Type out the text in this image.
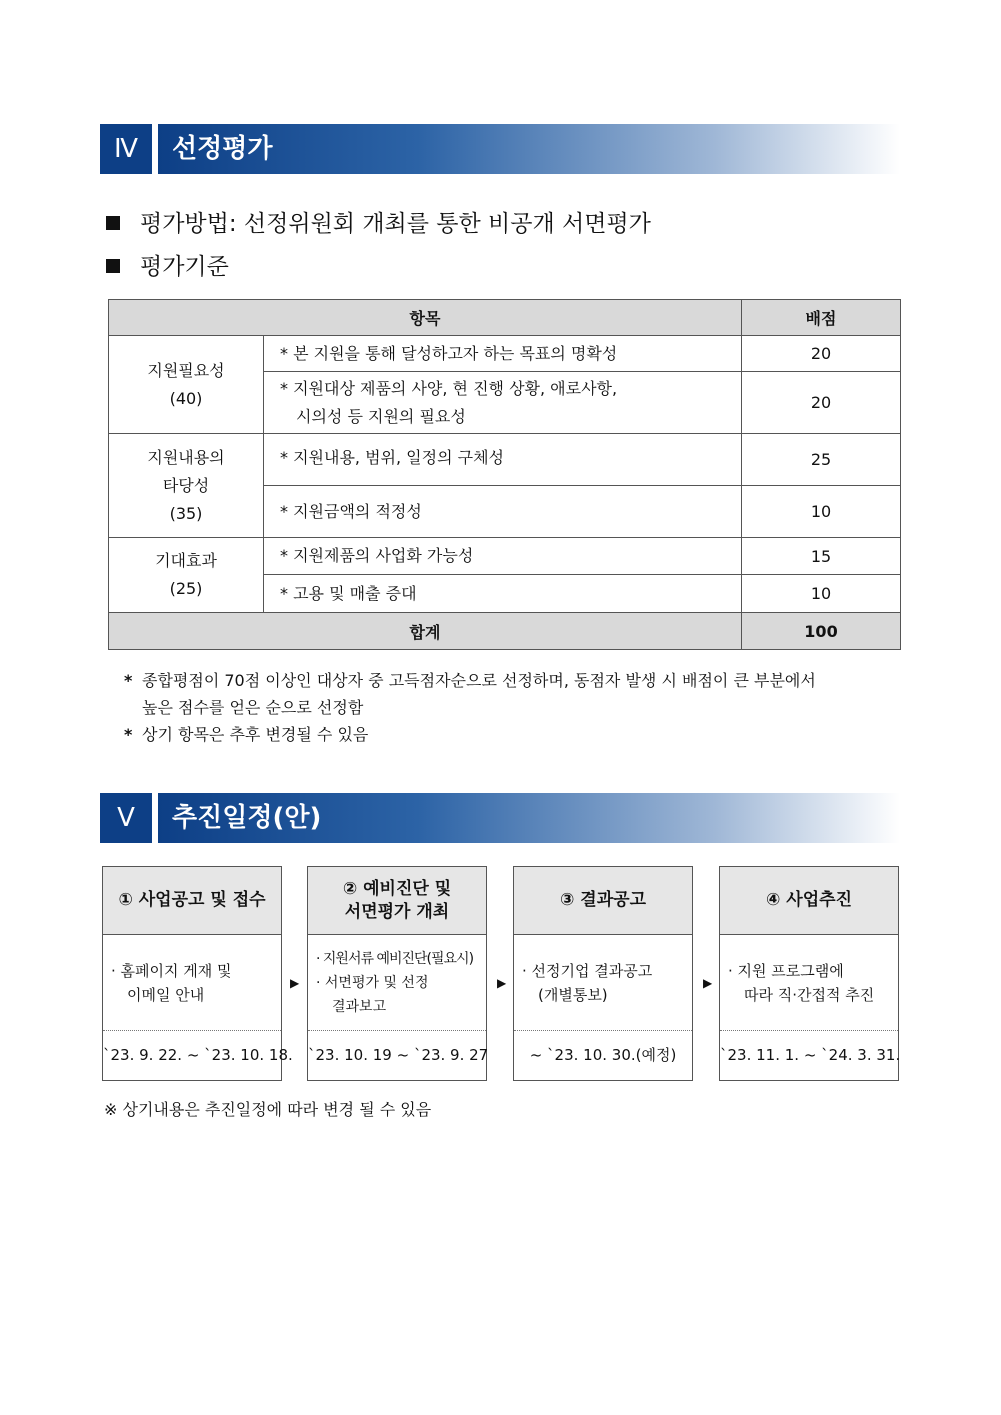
Ⅳ	선정평가
평가방법: 선정위원회 개최를 통한 비공개 서면평가
평가기준
항목		배점

지원필요성
(40)	* 본 지원을 통해 달성하고자 하는 목표의 명확성	20

	* 지원대상 제품의 사양, 현 진행 상황, 애로사항,
시의성 등 지원의 필요성	20

지원내용의
타당성
(35)	* 지원내용, 범위, 일정의 구체성	25

	* 지원금액의 적정성	10

기대효과
(25)	* 지원제품의 사업화 가능성	15

	* 고용 및 매출 증대	10
합계		100
* 종합평점이 70점 이상인 대상자 중 고득점자순으로 선정하며, 동점자 발생 시 배점이 큰 부분에서
높은 점수를 얻은 순으로 선정함
* 상기 항목은 추후 변경될 수 있음
Ⅴ	추진일정(안)
① 사업공고 및 접수
· 홈페이지 게재 및
이메일 안내
`23. 9. 22. ~ `23. 10. 18.
▶
② 예비진단 및
서면평가 개최
· 지원서류 예비진단(필요시)
· 서면평가 및 선정
결과보고
`23. 10. 19 ~ `23. 9. 27
▶
③ 결과공고
· 선정기업 결과공고
(개별통보)
~ `23. 10. 30.(예정)
▶
④ 사업추진
· 지원 프로그램에
따라 직·간접적 추진
`23. 11. 1. ~ `24. 3. 31.
※ 상기내용은 추진일정에 따라 변경 될 수 있음
